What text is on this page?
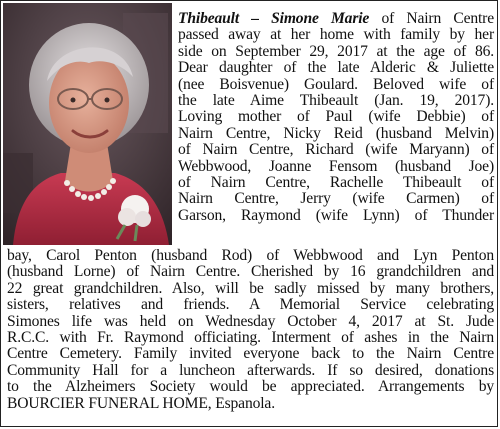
Thibeault – Simone Marie of Nairn Centre
passed away at her home with family by her
side on September 29, 2017 at the age of 86.
Dear daughter of the late Alderic & Juliette
(nee Boisvenue) Goulard. Beloved wife of
the late Aime Thibeault (Jan. 19, 2017).
Loving mother of Paul (wife Debbie) of
Nairn Centre, Nicky Reid (husband Melvin)
of Nairn Centre, Richard (wife Maryann) of
Webbwood, Joanne Fensom (husband Joe)
of Nairn Centre, Rachelle Thibeault of
Nairn Centre, Jerry (wife Carmen) of
Garson, Raymond (wife Lynn) of Thunder
bay, Carol Penton (husband Rod) of Webbwood and Lyn Penton
(husband Lorne) of Nairn Centre. Cherished by 16 grandchildren and
22 great grandchildren. Also, will be sadly missed by many brothers,
sisters, relatives and friends. A Memorial Service celebrating
Simones life was held on Wednesday October 4, 2017 at St. Jude
R.C.C. with Fr. Raymond officiating. Interment of ashes in the Nairn
Centre Cemetery. Family invited everyone back to the Nairn Centre
Community Hall for a luncheon afterwards. If so desired, donations
to the Alzheimers Society would be appreciated. Arrangements by
BOURCIER FUNERAL HOME, Espanola.
